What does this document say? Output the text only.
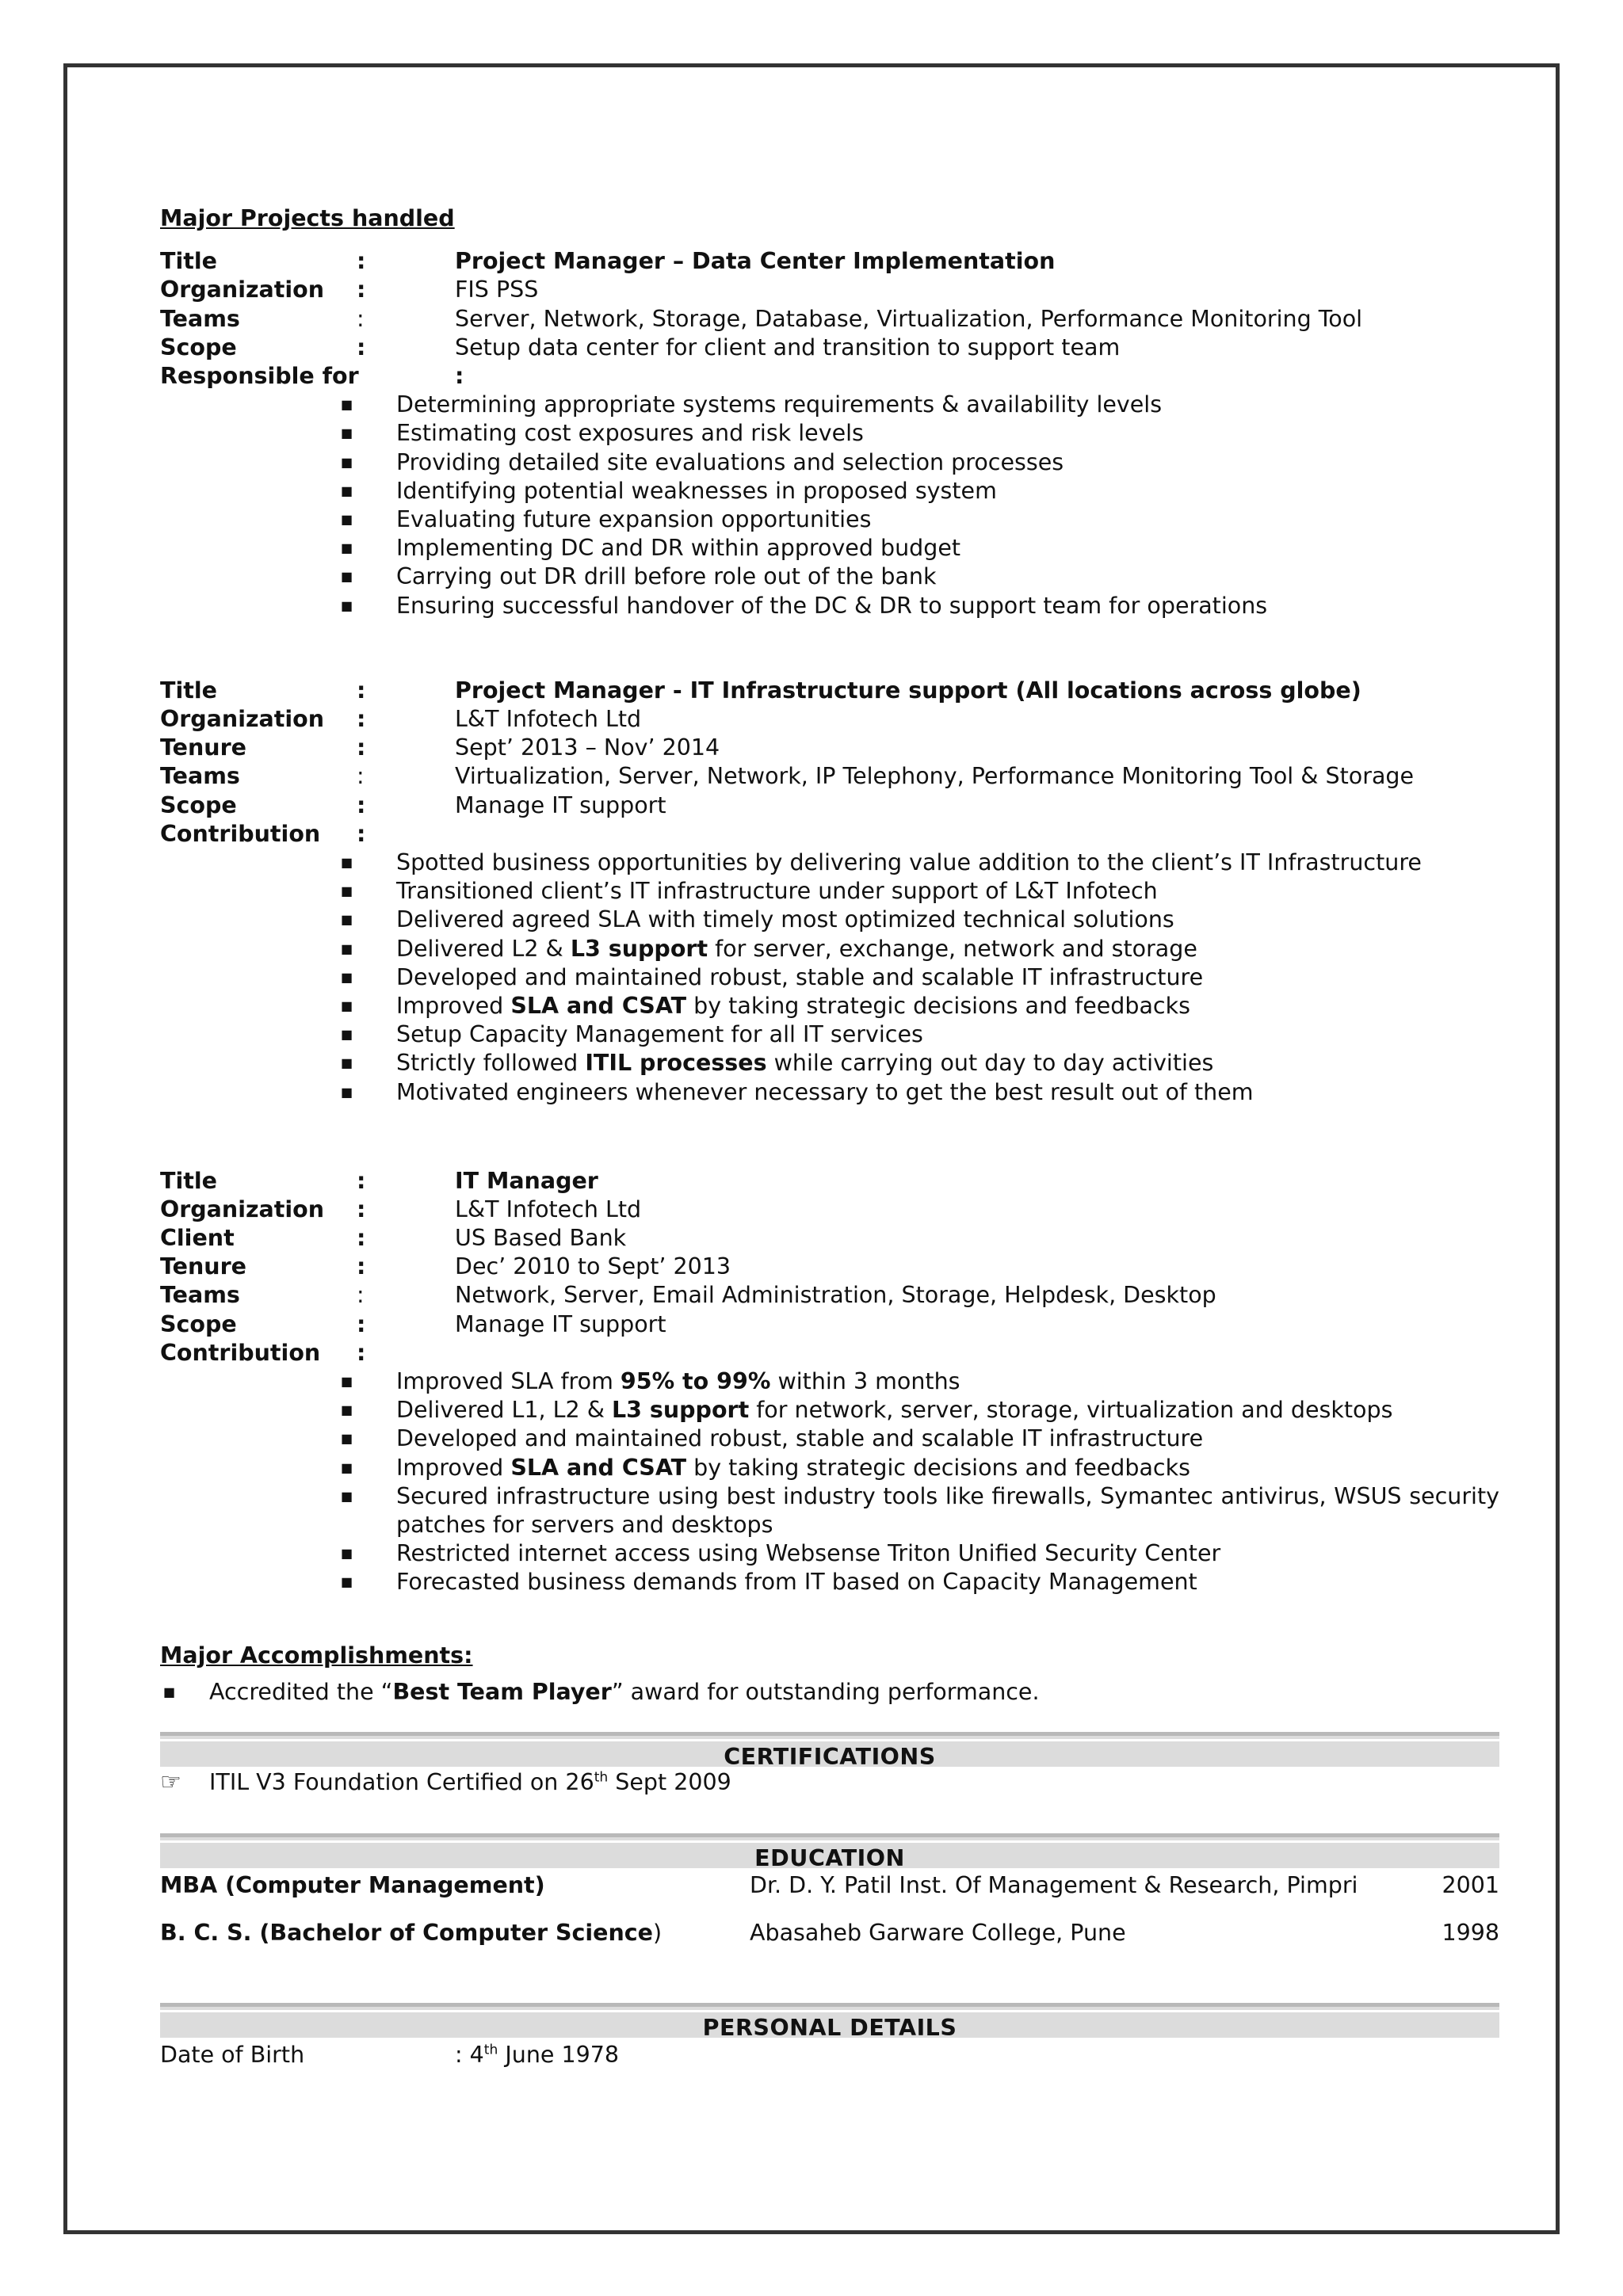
Major Projects handled
Title	:	Project Manager – Data Center Implementation
Organization	:	FIS PSS
Teams	:	Server, Network, Storage, Database, Virtualization, Performance Monitoring Tool
Scope	:	Setup data center for client and transition to support team
Responsible for	:
■ Determining appropriate systems requirements & availability levels
■ Estimating cost exposures and risk levels
■ Providing detailed site evaluations and selection processes
■ Identifying potential weaknesses in proposed system
■ Evaluating future expansion opportunities
■ Implementing DC and DR within approved budget
■ Carrying out DR drill before role out of the bank
■ Ensuring successful handover of the DC & DR to support team for operations
Title	:	Project Manager - IT Infrastructure support (All locations across globe)
Organization	:	L&T Infotech Ltd
Tenure	:	Sept’ 2013 – Nov’ 2014
Teams	:	Virtualization, Server, Network, IP Telephony, Performance Monitoring Tool & Storage
Scope	:	Manage IT support
Contribution	:
■ Spotted business opportunities by delivering value addition to the client’s IT Infrastructure
■ Transitioned client’s IT infrastructure under support of L&T Infotech
■ Delivered agreed SLA with timely most optimized technical solutions
■ Delivered L2 & L3 support for server, exchange, network and storage
■ Developed and maintained robust, stable and scalable IT infrastructure
■ Improved SLA and CSAT by taking strategic decisions and feedbacks
■ Setup Capacity Management for all IT services
■ Strictly followed ITIL processes while carrying out day to day activities
■ Motivated engineers whenever necessary to get the best result out of them
Title	:	IT Manager
Organization	:	L&T Infotech Ltd
Client	:	US Based Bank
Tenure	:	Dec’ 2010 to Sept’ 2013
Teams	:	Network, Server, Email Administration, Storage, Helpdesk, Desktop
Scope	:	Manage IT support
Contribution	:
■ Improved SLA from 95% to 99% within 3 months
■ Delivered L1, L2 & L3 support for network, server, storage, virtualization and desktops
■ Developed and maintained robust, stable and scalable IT infrastructure
■ Improved SLA and CSAT by taking strategic decisions and feedbacks
■ Secured infrastructure using best industry tools like firewalls, Symantec antivirus, WSUS security patches for servers and desktops
■ Restricted internet access using Websense Triton Unified Security Center
■ Forecasted business demands from IT based on Capacity Management
Major Accomplishments:
■ Accredited the “Best Team Player” award for outstanding performance.
CERTIFICATIONS
☞ ITIL V3 Foundation Certified on 26th Sept 2009
EDUCATION
MBA (Computer Management)	Dr. D. Y. Patil Inst. Of Management & Research, Pimpri	2001
B. C. S. (Bachelor of Computer Science)	Abasaheb Garware College, Pune	1998
PERSONAL DETAILS
Date of Birth	: 4th June 1978
